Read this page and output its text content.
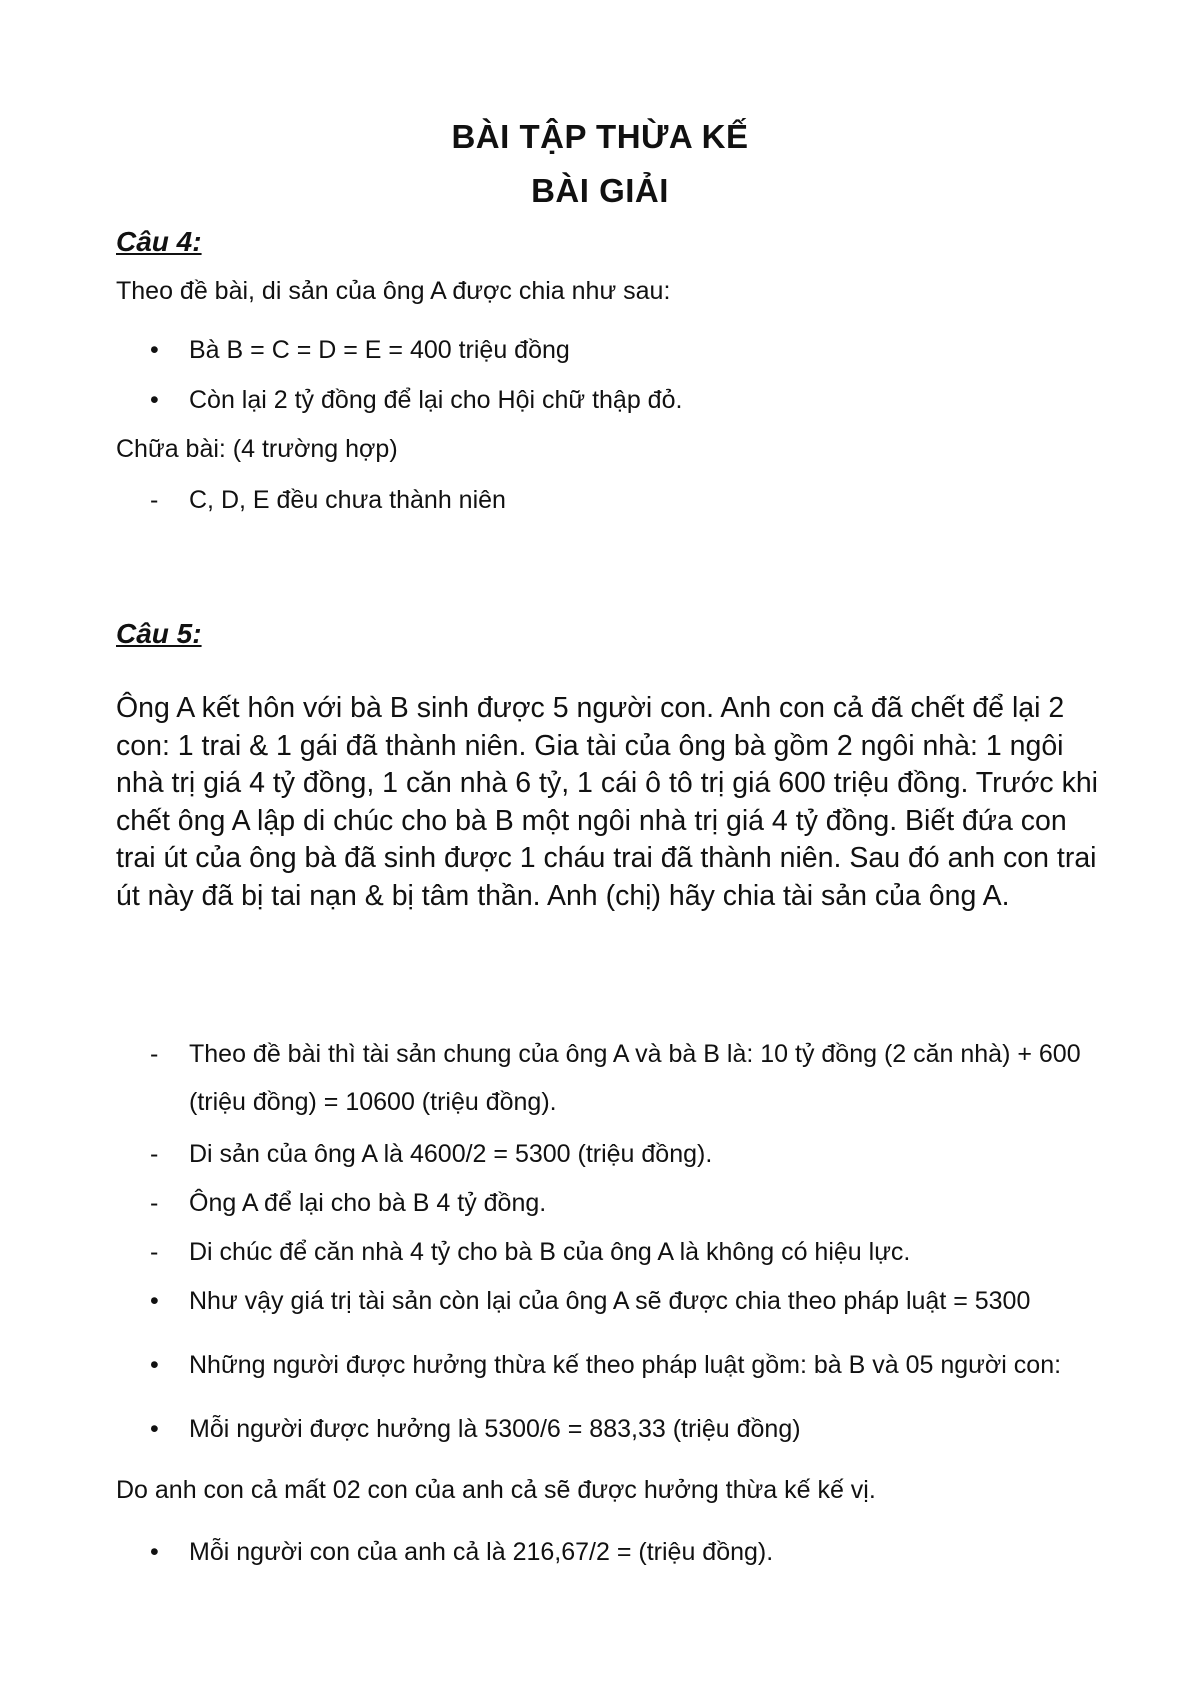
BÀI TẬP THỪA KẾ
BÀI GIẢI
Câu 4:
Theo đề bài, di sản của ông A được chia như sau:
•	Bà B = C = D = E = 400 triệu đồng
•	Còn lại 2 tỷ đồng để lại cho Hội chữ thập đỏ.
Chữa bài: (4 trường hợp)
-	C, D, E đều chưa thành niên
Câu 5:
Ông A kết hôn với bà B sinh được 5 người con. Anh con cả đã chết để lại 2 con: 1 trai & 1 gái đã thành niên. Gia tài của ông bà gồm 2 ngôi nhà: 1 ngôi nhà trị giá 4 tỷ đồng, 1 căn nhà 6 tỷ, 1 cái ô tô trị giá 600 triệu đồng. Trước khi chết ông A lập di chúc cho bà B một ngôi nhà trị giá 4 tỷ đồng. Biết đứa con trai út của ông bà đã sinh được 1 cháu trai đã thành niên. Sau đó anh con trai út này đã bị tai nạn & bị tâm thần. Anh (chị) hãy chia tài sản của ông A.
-	Theo đề bài thì tài sản chung của ông A và bà B là: 10 tỷ đồng (2 căn nhà) + 600 (triệu đồng) = 10600 (triệu đồng).
-	Di sản của ông A là 4600/2 = 5300 (triệu đồng).
-	Ông A để lại cho bà B 4 tỷ đồng.
-	Di chúc để căn nhà 4 tỷ cho bà B của ông A là không có hiệu lực.
•	Như vậy giá trị tài sản còn lại của ông A sẽ được chia theo pháp luật = 5300
•	Những người được hưởng thừa kế theo pháp luật gồm: bà B và 05 người con:
•	Mỗi người được hưởng là 5300/6 = 883,33 (triệu đồng)
Do anh con cả mất 02 con của anh cả sẽ được hưởng thừa kế kế vị.
•	Mỗi người con của anh cả là 216,67/2 = (triệu đồng).
